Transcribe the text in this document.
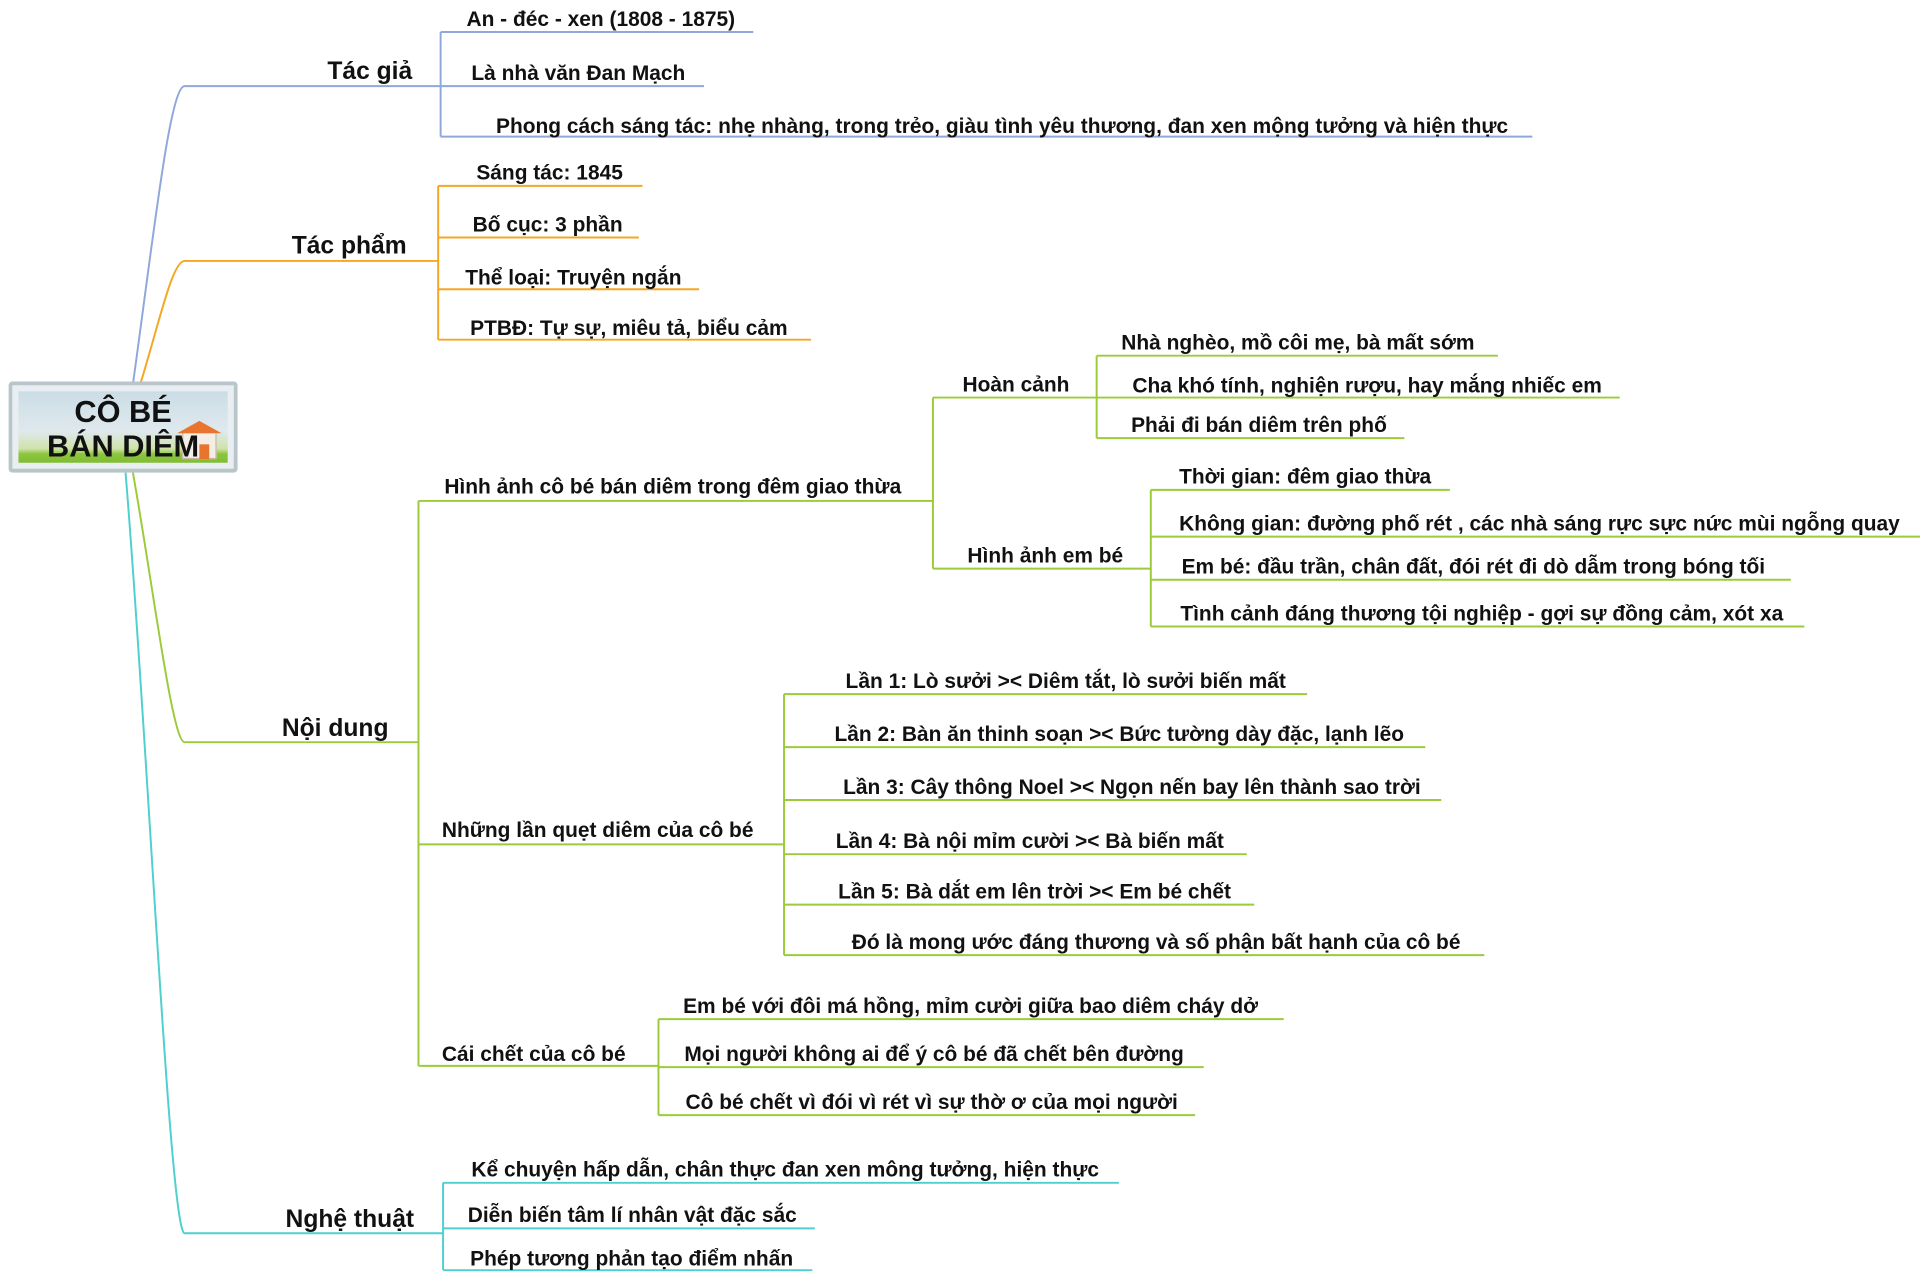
CÔ BÉ
BÁN DIÊM
Tác giả
An - đéc - xen (1808 - 1875)
Là nhà văn Đan Mạch
Phong cách sáng tác: nhẹ nhàng, trong trẻo, giàu tình yêu thương, đan xen mộng tưởng và hiện thực
Tác phẩm
Sáng tác: 1845
Bố cục: 3 phần
Thể loại: Truyện ngắn
PTBĐ: Tự sự, miêu tả, biểu cảm
Nội dung
Hình ảnh cô bé bán diêm trong đêm giao thừa
Hoàn cảnh
Nhà nghèo, mồ côi mẹ, bà mất sớm
Cha khó tính, nghiện rượu, hay mắng nhiếc em
Phải đi bán diêm trên phố
Hình ảnh em bé
Thời gian: đêm giao thừa
Không gian: đường phố rét , các nhà sáng rực sực nức mùi ngỗng quay
Em bé: đầu trần, chân đất, đói rét đi dò dẫm trong bóng tối
Tình cảnh đáng thương tội nghiệp - gợi sự đồng cảm, xót xa
Những lần quẹt diêm của cô bé
Lần 1: Lò sưởi >< Diêm tắt, lò sưởi biến mất
Lần 2: Bàn ăn thinh soạn >< Bức tường dày đặc, lạnh lẽo
Lần 3: Cây thông Noel >< Ngọn nến bay lên thành sao trời
Lần 4: Bà nội mỉm cười >< Bà biến mất
Lần 5: Bà dắt em lên trời >< Em bé chết
Đó là mong ước đáng thương và số phận bất hạnh của cô bé
Cái chết của cô bé
Em bé với đôi má hồng, mỉm cười giữa bao diêm cháy dở
Mọi người không ai để ý cô bé đã chết bên đường
Cô bé chết vì đói vì rét vì sự thờ ơ của mọi người
Nghệ thuật
Kể chuyện hấp dẫn, chân thực đan xen mông tưởng, hiện thực
Diễn biến tâm lí nhân vật đặc sắc
Phép tương phản tạo điểm nhấn
